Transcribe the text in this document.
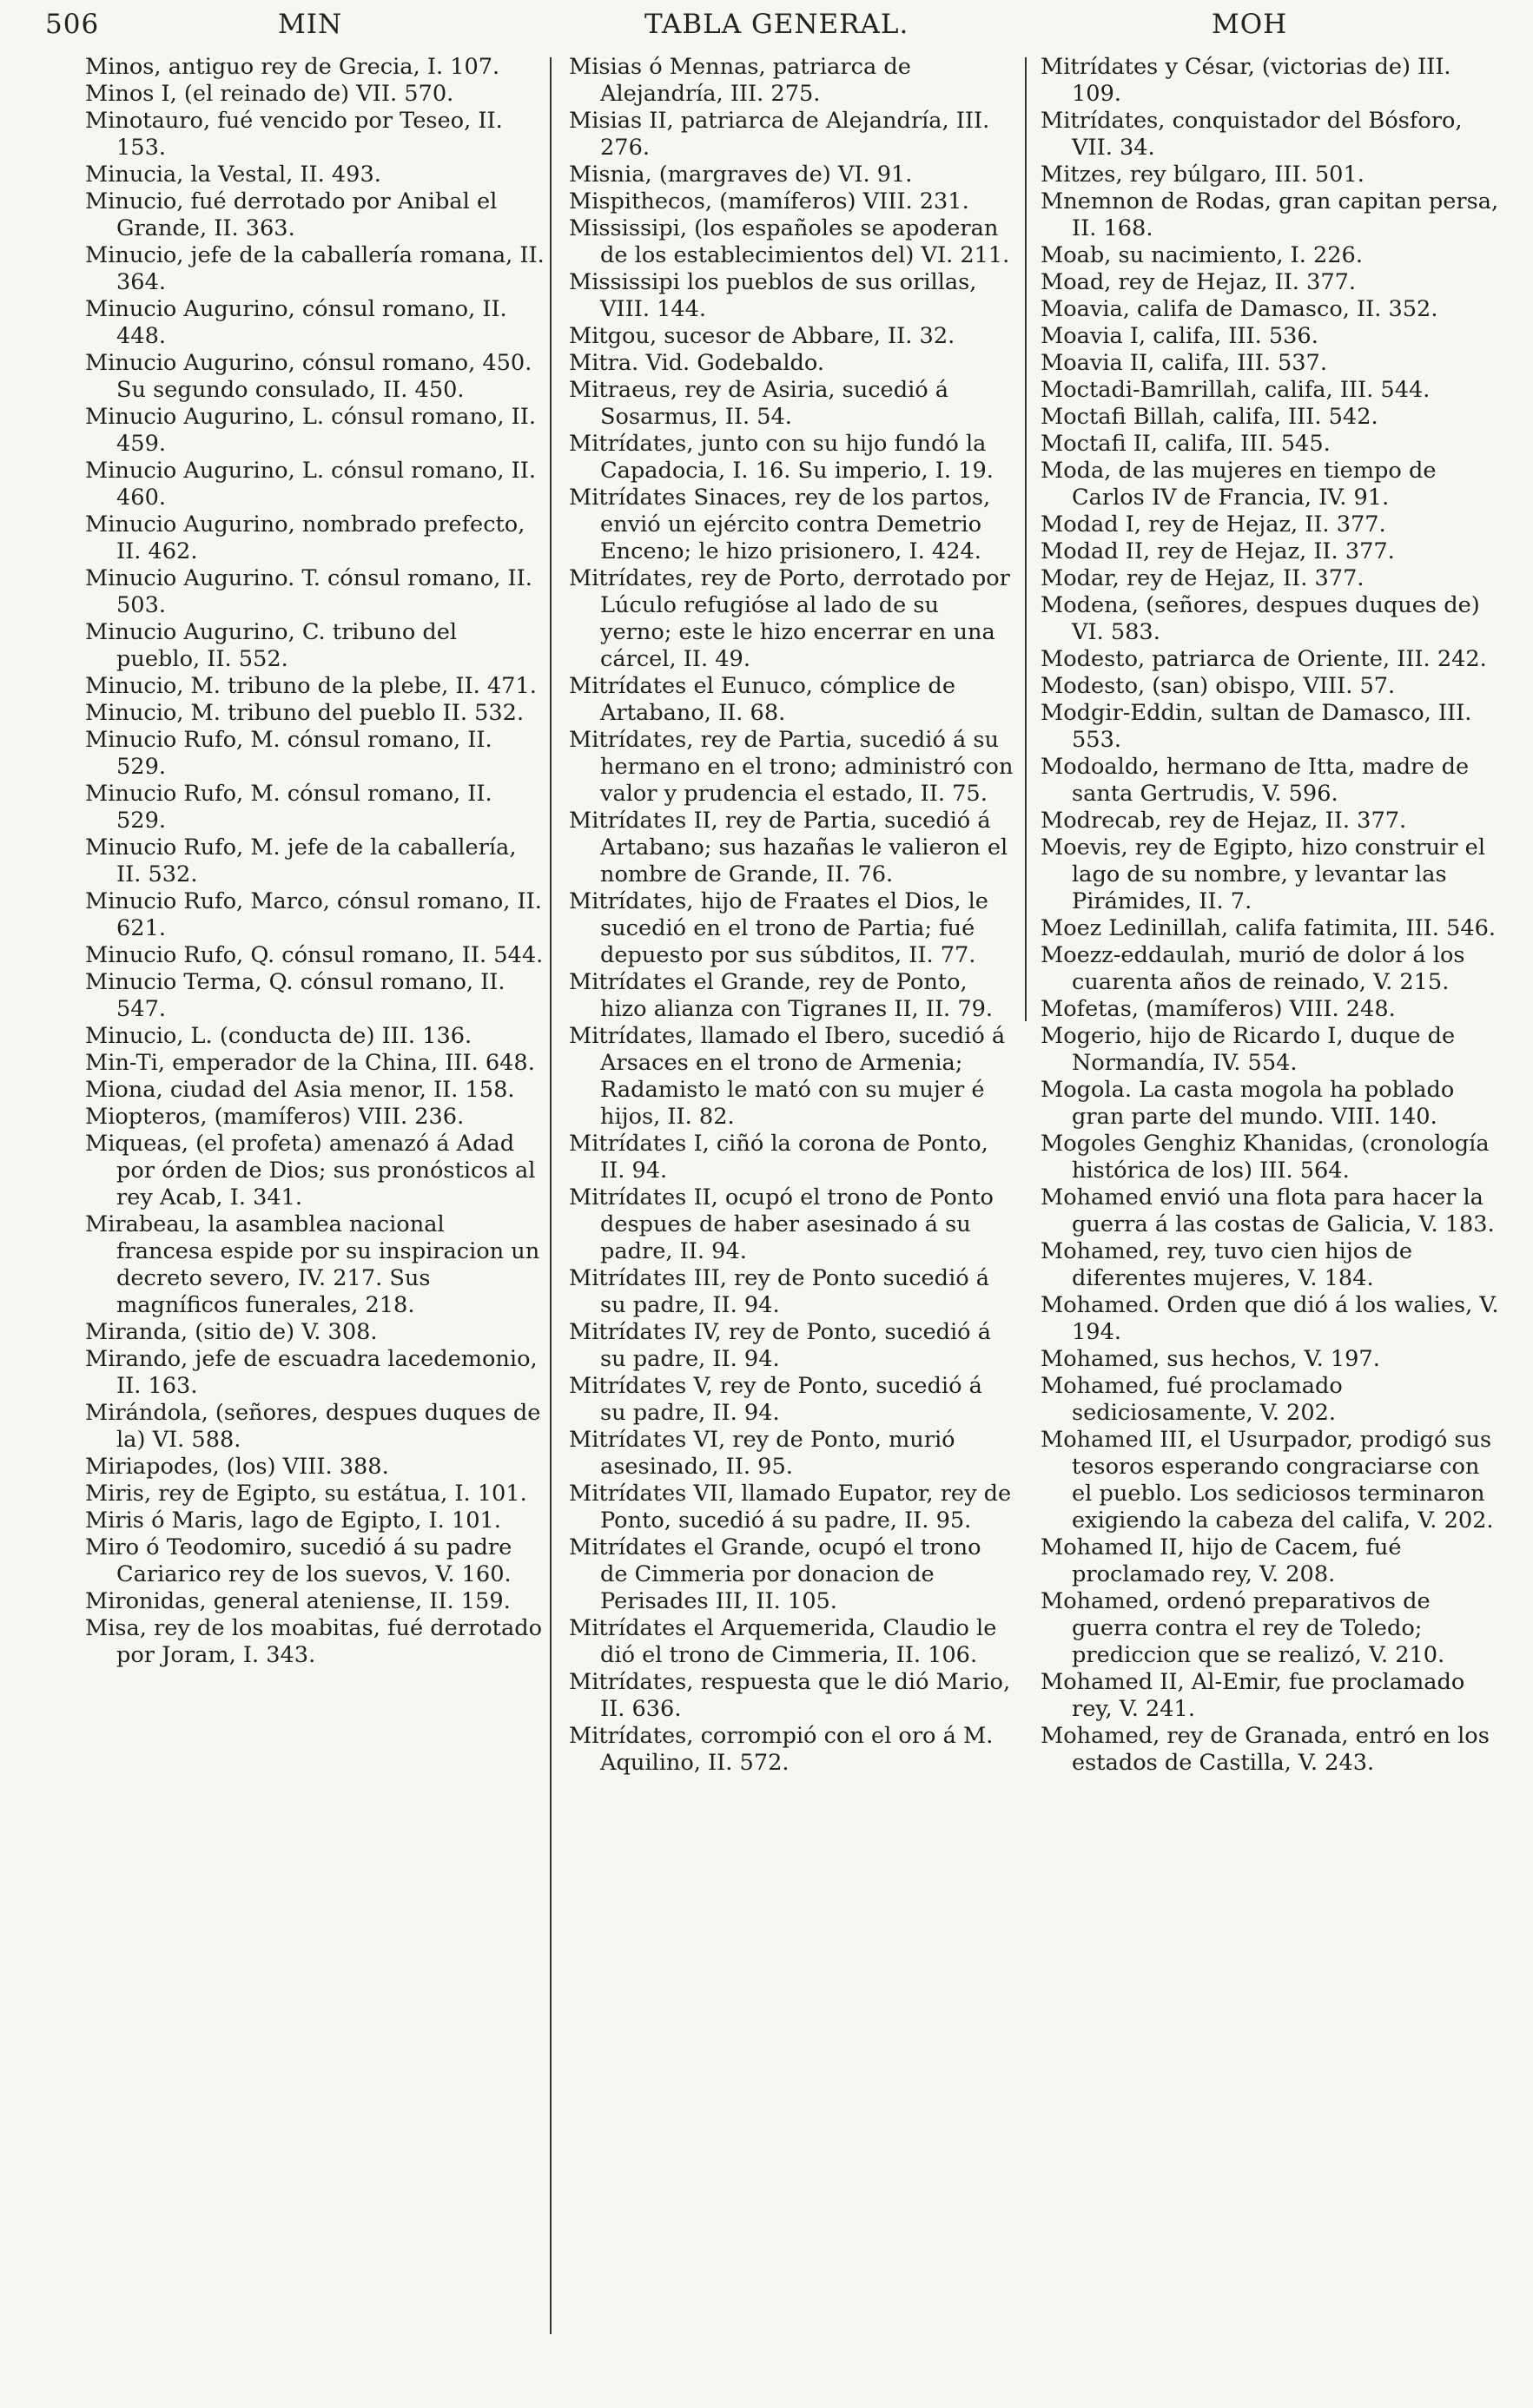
506	MIN	TABLA GENERAL.	MOH

Minos, antiguo rey de Grecia, I. 107.

Minos I, (el reinado de) VII. 570.

Minotauro, fué vencido por Teseo, II. 153.

Minucia, la Vestal, II. 493.

Minucio, fué derrotado por Anibal el Grande, II. 363.

Minucio, jefe de la caballería romana, II. 364.

Minucio Augurino, cónsul romano, II. 448.

Minucio Augurino, cónsul romano, 450. Su segundo consulado, II. 450.

Minucio Augurino, L. cónsul romano, II. 459.

Minucio Augurino, L. cónsul romano, II. 460.

Minucio Augurino, nombrado prefecto, II. 462.

Minucio Augurino. T. cónsul romano, II. 503.

Minucio Augurino, C. tribuno del pueblo, II. 552.

Minucio, M. tribuno de la plebe, II. 471.

Minucio, M. tribuno del pueblo II. 532.

Minucio Rufo, M. cónsul romano, II. 529.

Minucio Rufo, M. cónsul romano, II. 529.

Minucio Rufo, M. jefe de la caballería, II. 532.

Minucio Rufo, Marco, cónsul romano, II. 621.

Minucio Rufo, Q. cónsul romano, II. 544.

Minucio Terma, Q. cónsul romano, II. 547.

Minucio, L. (conducta de) III. 136.

Min-Ti, emperador de la China, III. 648.

Miona, ciudad del Asia menor, II. 158.

Miopteros, (mamíferos) VIII. 236.

Miqueas, (el profeta) amenazó á Adad por órden de Dios; sus pronósticos al rey Acab, I. 341.

Mirabeau, la asamblea nacional francesa espide por su inspiracion un decreto severo, IV. 217. Sus magníficos funerales, 218.

Miranda, (sitio de) V. 308.

Mirando, jefe de escuadra lacedemonio, II. 163.

Mirándola, (señores, despues duques de la) VI. 588.

Miriapodes, (los) VIII. 388.

Miris, rey de Egipto, su estátua, I. 101.

Miris ó Maris, lago de Egipto, I. 101.

Miro ó Teodomiro, sucedió á su padre Cariarico rey de los suevos, V. 160.

Mironidas, general ateniense, II. 159.

Misa, rey de los moabitas, fué derrotado por Joram, I. 343.

Misias ó Mennas, patriarca de Alejandría, III. 275.

Misias II, patriarca de Alejandría, III. 276.

Misnia, (margraves de) VI. 91.

Mispithecos, (mamíferos) VIII. 231.

Mississipi, (los españoles se apoderan de los establecimientos del) VI. 211.

Mississipi los pueblos de sus orillas, VIII. 144.

Mitgou, sucesor de Abbare, II. 32.

Mitra. Vid. Godebaldo.

Mitraeus, rey de Asiria, sucedió á Sosarmus, II. 54.

Mitrídates, junto con su hijo fundó la Capadocia, I. 16. Su imperio, I. 19.

Mitrídates Sinaces, rey de los partos, envió un ejército contra Demetrio Enceno; le hizo prisionero, I. 424.

Mitrídates, rey de Porto, derrotado por Lúculo refugióse al lado de su yerno; este le hizo encerrar en una cárcel, II. 49.

Mitrídates el Eunuco, cómplice de Artabano, II. 68.

Mitrídates, rey de Partia, sucedió á su hermano en el trono; administró con valor y prudencia el estado, II. 75.

Mitrídates II, rey de Partia, sucedió á Artabano; sus hazañas le valieron el nombre de Grande, II. 76.

Mitrídates, hijo de Fraates el Dios, le sucedió en el trono de Partia; fué depuesto por sus súbditos, II. 77.

Mitrídates el Grande, rey de Ponto, hizo alianza con Tigranes II, II. 79.

Mitrídates, llamado el Ibero, sucedió á Arsaces en el trono de Armenia; Radamisto le mató con su mujer é hijos, II. 82.

Mitrídates I, ciñó la corona de Ponto, II. 94.

Mitrídates II, ocupó el trono de Ponto despues de haber asesinado á su padre, II. 94.

Mitrídates III, rey de Ponto sucedió á su padre, II. 94.

Mitrídates IV, rey de Ponto, sucedió á su padre, II. 94.

Mitrídates V, rey de Ponto, sucedió á su padre, II. 94.

Mitrídates VI, rey de Ponto, murió asesinado, II. 95.

Mitrídates VII, llamado Eupator, rey de Ponto, sucedió á su padre, II. 95.

Mitrídates el Grande, ocupó el trono de Cimmeria por donacion de Perisades III, II. 105.

Mitrídates el Arquemerida, Claudio le dió el trono de Cimmeria, II. 106.

Mitrídates, respuesta que le dió Mario, II. 636.

Mitrídates, corrompió con el oro á M. Aquilino, II. 572.

Mitrídates y César, (victorias de) III. 109.

Mitrídates, conquistador del Bósforo, VII. 34.

Mitzes, rey búlgaro, III. 501.

Mnemnon de Rodas, gran capitan persa, II. 168.

Moab, su nacimiento, I. 226.

Moad, rey de Hejaz, II. 377.

Moavia, califa de Damasco, II. 352.

Moavia I, califa, III. 536.

Moavia II, califa, III. 537.

Moctadi-Bamrillah, califa, III. 544.

Moctafi Billah, califa, III. 542.

Moctafi II, califa, III. 545.

Moda, de las mujeres en tiempo de Carlos IV de Francia, IV. 91.

Modad I, rey de Hejaz, II. 377.

Modad II, rey de Hejaz, II. 377.

Modar, rey de Hejaz, II. 377.

Modena, (señores, despues duques de) VI. 583.

Modesto, patriarca de Oriente, III. 242.

Modesto, (san) obispo, VIII. 57.

Modgir-Eddin, sultan de Damasco, III. 553.

Modoaldo, hermano de Itta, madre de santa Gertrudis, V. 596.

Modrecab, rey de Hejaz, II. 377.

Moevis, rey de Egipto, hizo construir el lago de su nombre, y levantar las Pirámides, II. 7.

Moez Ledinillah, califa fatimita, III. 546.

Moezz-eddaulah, murió de dolor á los cuarenta años de reinado, V. 215.

Mofetas, (mamíferos) VIII. 248.

Mogerio, hijo de Ricardo I, duque de Normandía, IV. 554.

Mogola. La casta mogola ha poblado gran parte del mundo. VIII. 140.

Mogoles Genghiz Khanidas, (cronología histórica de los) III. 564.

Mohamed envió una flota para hacer la guerra á las costas de Galicia, V. 183.

Mohamed, rey, tuvo cien hijos de diferentes mujeres, V. 184.

Mohamed. Orden que dió á los walies, V. 194.

Mohamed, sus hechos, V. 197.

Mohamed, fué proclamado sediciosamente, V. 202.

Mohamed III, el Usurpador, prodigó sus tesoros esperando congraciarse con el pueblo. Los sediciosos terminaron exigiendo la cabeza del califa, V. 202.

Mohamed II, hijo de Cacem, fué proclamado rey, V. 208.

Mohamed, ordenó preparativos de guerra contra el rey de Toledo; prediccion que se realizó, V. 210.

Mohamed II, Al-Emir, fue proclamado rey, V. 241.

Mohamed, rey de Granada, entró en los estados de Castilla, V. 243.
